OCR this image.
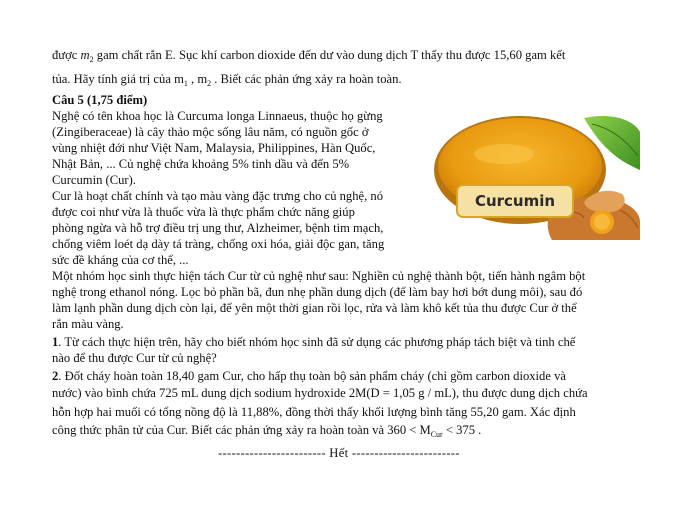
được $m_2$ gam chất rắn E. Sục khí carbon dioxide đến dư vào dung dịch T thấy thu được 15,60 gam kết
tủa. Hãy tính giá trị của $m_1$ , $m_2$ . Biết các phản ứng xảy ra hoàn toàn.
Câu 5 (1,75 điểm)
Nghệ có tên khoa học là Curcuma longa Linnaeus, thuộc họ gừng
(Zingiberaceae) là cây thảo mộc sống lâu năm, có nguồn gốc ở
vùng nhiệt đới như Việt Nam, Malaysia, Philippines, Hàn Quốc,
Nhật Bản, ... Củ nghệ chứa khoảng 5% tinh dầu và đến 5%
Curcumin (Cur).
Cur là hoạt chất chính và tạo màu vàng đặc trưng cho củ nghệ, nó
được coi như vừa là thuốc vừa là thực phẩm chức năng giúp
phòng ngừa và hỗ trợ điều trị ung thư, Alzheimer, bệnh tim mạch,
chống viêm loét dạ dày tá tràng, chống oxi hóa, giải độc gan, tăng
sức đề kháng của cơ thể, ...
Curcumin
Một nhóm học sinh thực hiện tách Cur từ củ nghệ như sau: Nghiền củ nghệ thành bột, tiến hành ngâm bột
nghệ trong ethanol nóng. Lọc bỏ phần bã, đun nhẹ phần dung dịch (để làm bay hơi bớt dung môi), sau đó
làm lạnh phần dung dịch còn lại, để yên một thời gian rồi lọc, rửa và làm khô kết tủa thu được Cur ở thể
rắn màu vàng.
1. Từ cách thực hiện trên, hãy cho biết nhóm học sinh đã sử dụng các phương pháp tách biệt và tinh chế
nào để thu được Cur từ củ nghệ?
2. Đốt cháy hoàn toàn 18,40 gam Cur, cho hấp thụ toàn bộ sản phẩm cháy (chỉ gồm carbon dioxide và
nước) vào bình chứa 725 mL dung dịch sodium hydroxide 2M(D = 1,05 g / mL), thu được dung dịch chứa
hỗn hợp hai muối có tổng nồng độ là 11,88%, đồng thời thấy khối lượng bình tăng 55,20 gam. Xác định
công thức phân tử của Cur. Biết các phản ứng xảy ra hoàn toàn và $360 < M_{Cur} < 375$ .
------------------------ Hết ------------------------
